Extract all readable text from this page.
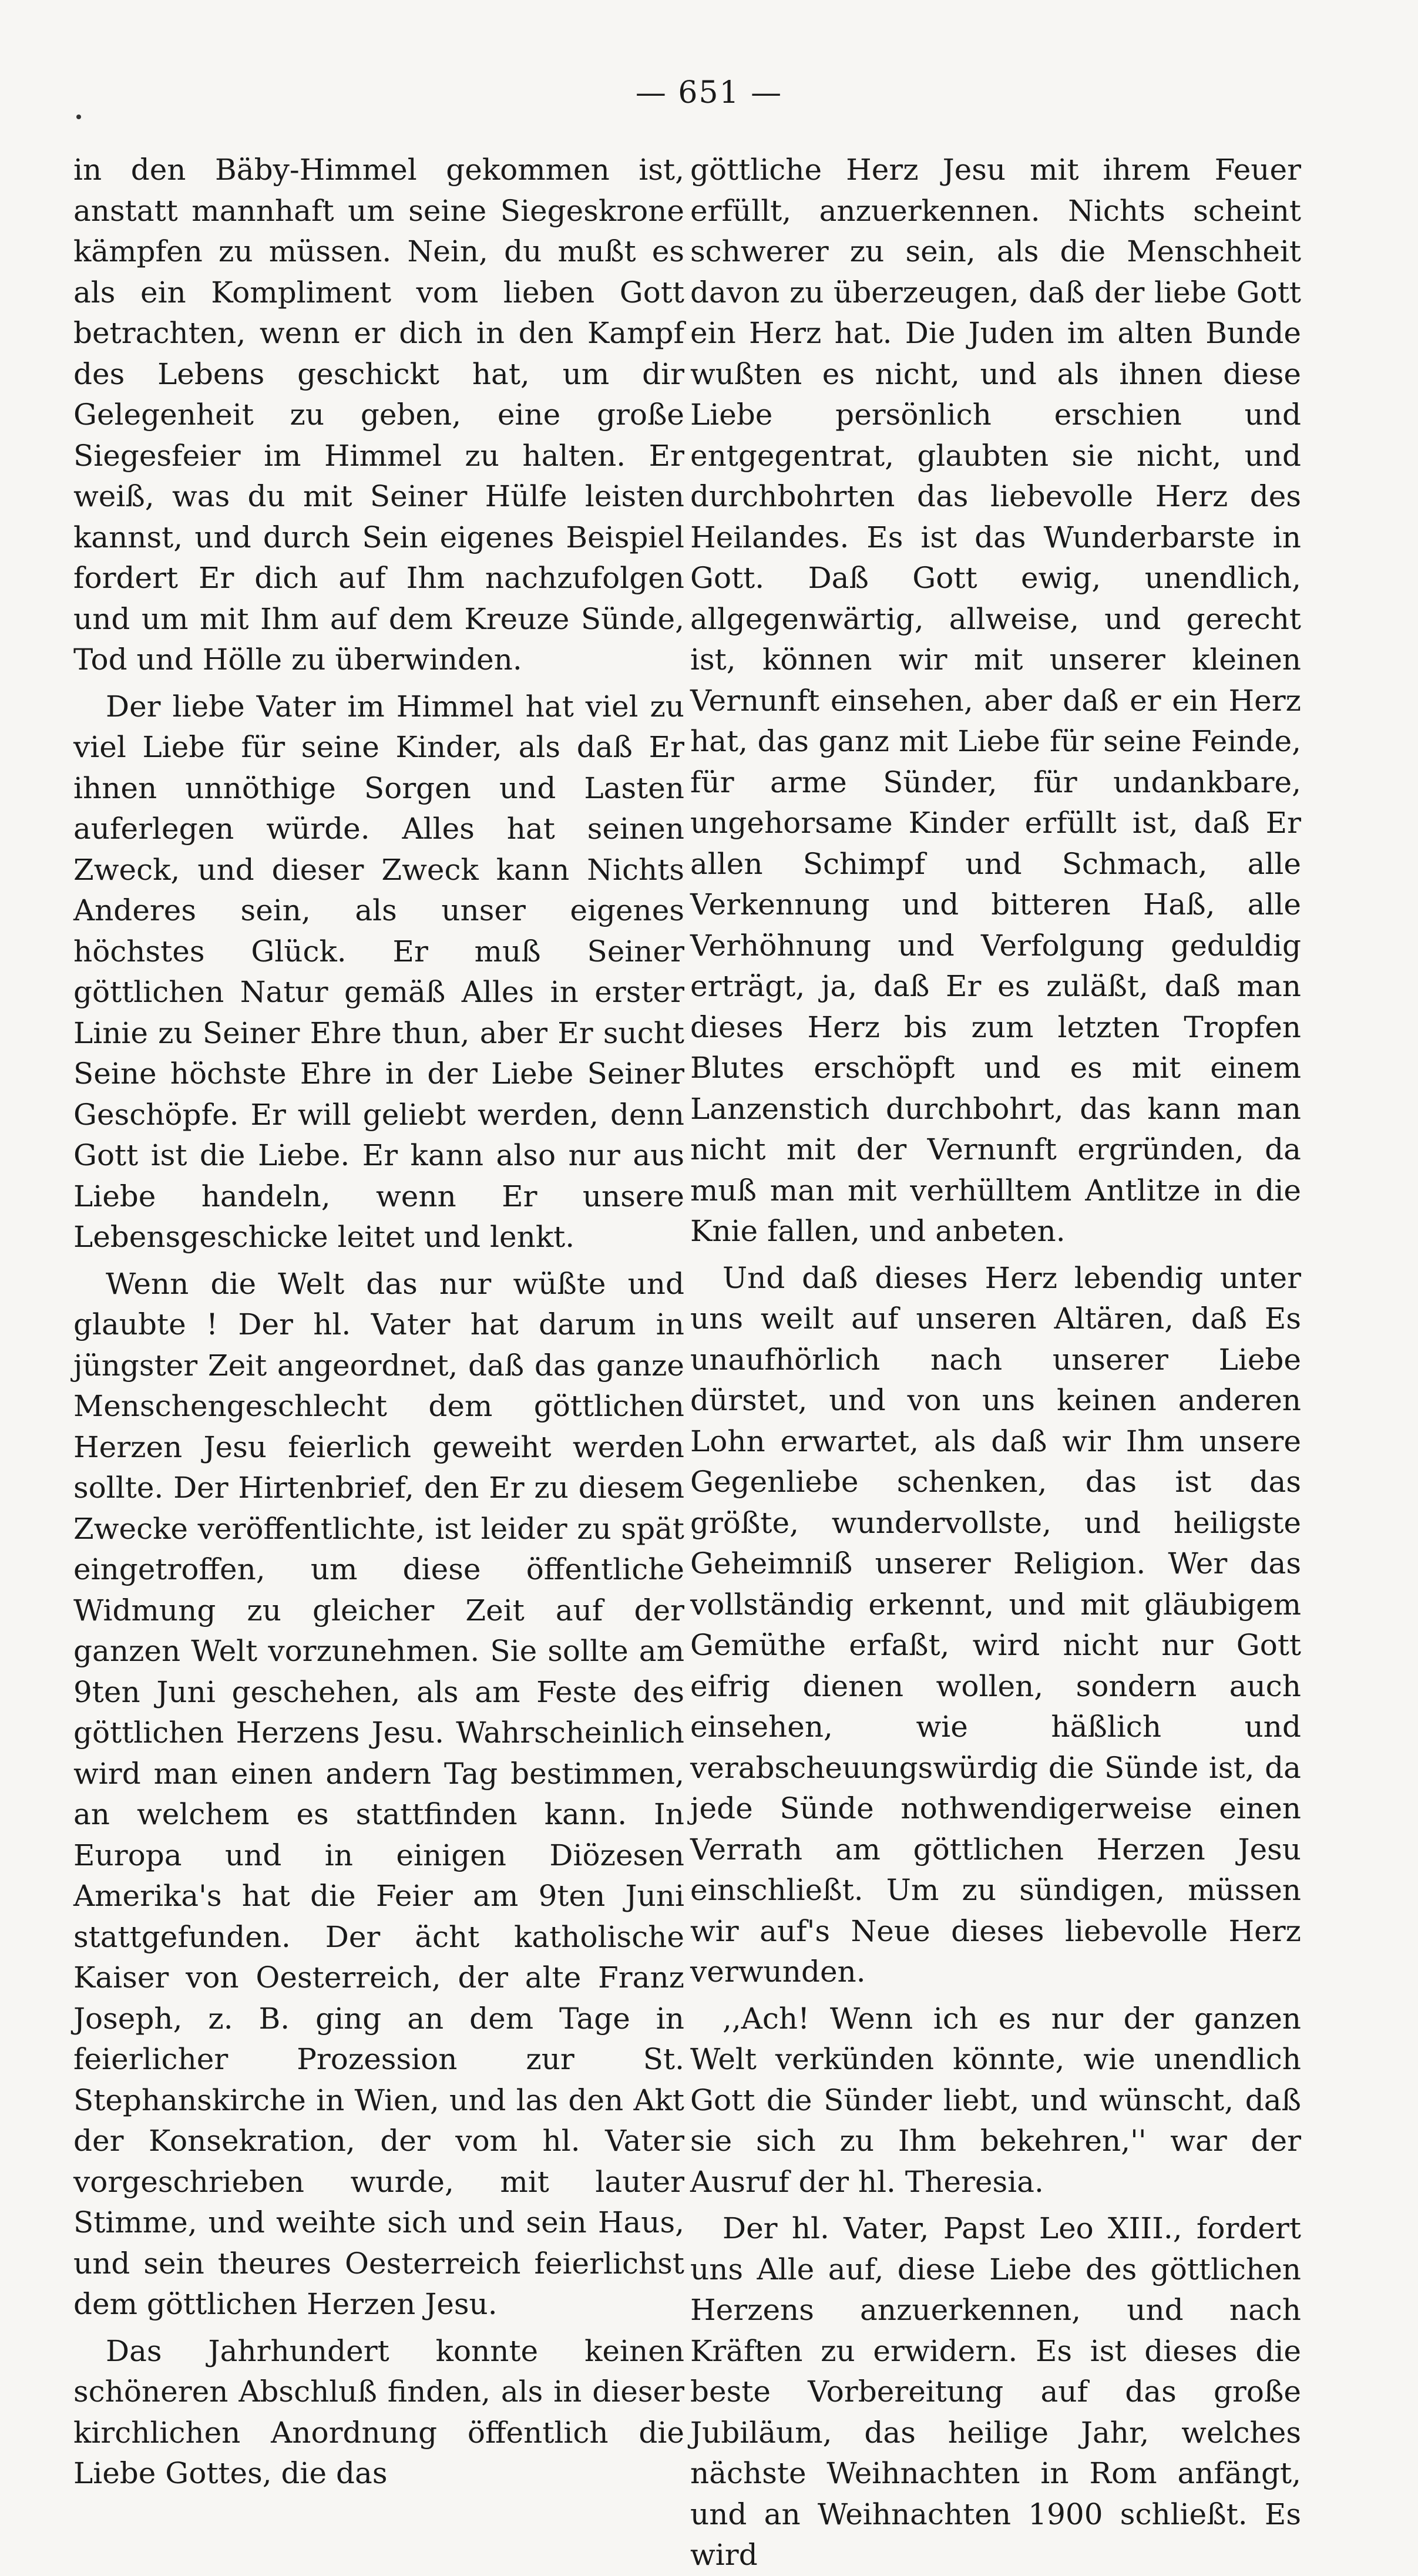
— 651 —

in den Bäby-Himmel gekommen ist, anstatt mannhaft um seine Siegeskrone kämpfen zu müssen. Nein, du mußt es als ein Kompliment vom lieben Gott betrachten, wenn er dich in den Kampf des Lebens geschickt hat, um dir Gelegenheit zu geben, eine große Siegesfeier im Himmel zu halten. Er weiß, was du mit Seiner Hülfe leisten kannst, und durch Sein eigenes Beispiel fordert Er dich auf Ihm nachzufolgen und um mit Ihm auf dem Kreuze Sünde, Tod und Hölle zu überwinden.

Der liebe Vater im Himmel hat viel zu viel Liebe für seine Kinder, als daß Er ihnen unnöthige Sorgen und Lasten auferlegen würde. Alles hat seinen Zweck, und dieser Zweck kann Nichts Anderes sein, als unser eigenes höchstes Glück. Er muß Seiner göttlichen Natur gemäß Alles in erster Linie zu Seiner Ehre thun, aber Er sucht Seine höchste Ehre in der Liebe Seiner Geschöpfe. Er will geliebt werden, denn Gott ist die Liebe. Er kann also nur aus Liebe handeln, wenn Er unsere Lebensgeschicke leitet und lenkt.

Wenn die Welt das nur wüßte und glaubte ! Der hl. Vater hat darum in jüngster Zeit angeordnet, daß das ganze Menschengeschlecht dem göttlichen Herzen Jesu feierlich geweiht werden sollte. Der Hirtenbrief, den Er zu diesem Zwecke veröffentlichte, ist leider zu spät eingetroffen, um diese öffentliche Widmung zu gleicher Zeit auf der ganzen Welt vorzunehmen. Sie sollte am 9ten Juni geschehen, als am Feste des göttlichen Herzens Jesu. Wahrscheinlich wird man einen andern Tag bestimmen, an welchem es stattfinden kann. In Europa und in einigen Diözesen Amerika's hat die Feier am 9ten Juni stattgefunden. Der ächt katholische Kaiser von Oesterreich, der alte Franz Joseph, z. B. ging an dem Tage in feierlicher Prozession zur St. Stephanskirche in Wien, und las den Akt der Konsekration, der vom hl. Vater vorgeschrieben wurde, mit lauter Stimme, und weihte sich und sein Haus, und sein theures Oesterreich feierlichst dem göttlichen Herzen Jesu.

Das Jahrhundert konnte keinen schöneren Abschluß finden, als in dieser kirchlichen Anordnung öffentlich die Liebe Gottes, die das

göttliche Herz Jesu mit ihrem Feuer erfüllt, anzuerkennen. Nichts scheint schwerer zu sein, als die Menschheit davon zu überzeugen, daß der liebe Gott ein Herz hat. Die Juden im alten Bunde wußten es nicht, und als ihnen diese Liebe persönlich erschien und entgegentrat, glaubten sie nicht, und durchbohrten das liebevolle Herz des Heilandes. Es ist das Wunderbarste in Gott. Daß Gott ewig, unendlich, allgegenwärtig, allweise, und gerecht ist, können wir mit unserer kleinen Vernunft einsehen, aber daß er ein Herz hat, das ganz mit Liebe für seine Feinde, für arme Sünder, für undankbare, ungehorsame Kinder erfüllt ist, daß Er allen Schimpf und Schmach, alle Verkennung und bitteren Haß, alle Verhöhnung und Verfolgung geduldig erträgt, ja, daß Er es zuläßt, daß man dieses Herz bis zum letzten Tropfen Blutes erschöpft und es mit einem Lanzenstich durchbohrt, das kann man nicht mit der Vernunft ergründen, da muß man mit verhülltem Antlitze in die Knie fallen, und anbeten.

Und daß dieses Herz lebendig unter uns weilt auf unseren Altären, daß Es unaufhörlich nach unserer Liebe dürstet, und von uns keinen anderen Lohn erwartet, als daß wir Ihm unsere Gegenliebe schenken, das ist das größte, wundervollste, und heiligste Geheimniß unserer Religion. Wer das vollständig erkennt, und mit gläubigem Gemüthe erfaßt, wird nicht nur Gott eifrig dienen wollen, sondern auch einsehen, wie häßlich und verabscheuungswürdig die Sünde ist, da jede Sünde nothwendigerweise einen Verrath am göttlichen Herzen Jesu einschließt. Um zu sündigen, müssen wir auf's Neue dieses liebevolle Herz verwunden.

,,Ach! Wenn ich es nur der ganzen Welt verkünden könnte, wie unendlich Gott die Sünder liebt, und wünscht, daß sie sich zu Ihm bekehren,'' war der Ausruf der hl. Theresia.

Der hl. Vater, Papst Leo XIII., fordert uns Alle auf, diese Liebe des göttlichen Herzens anzuerkennen, und nach Kräften zu erwidern. Es ist dieses die beste Vorbereitung auf das große Jubiläum, das heilige Jahr, welches nächste Weihnachten in Rom anfängt, und an Weihnachten 1900 schließt. Es wird
